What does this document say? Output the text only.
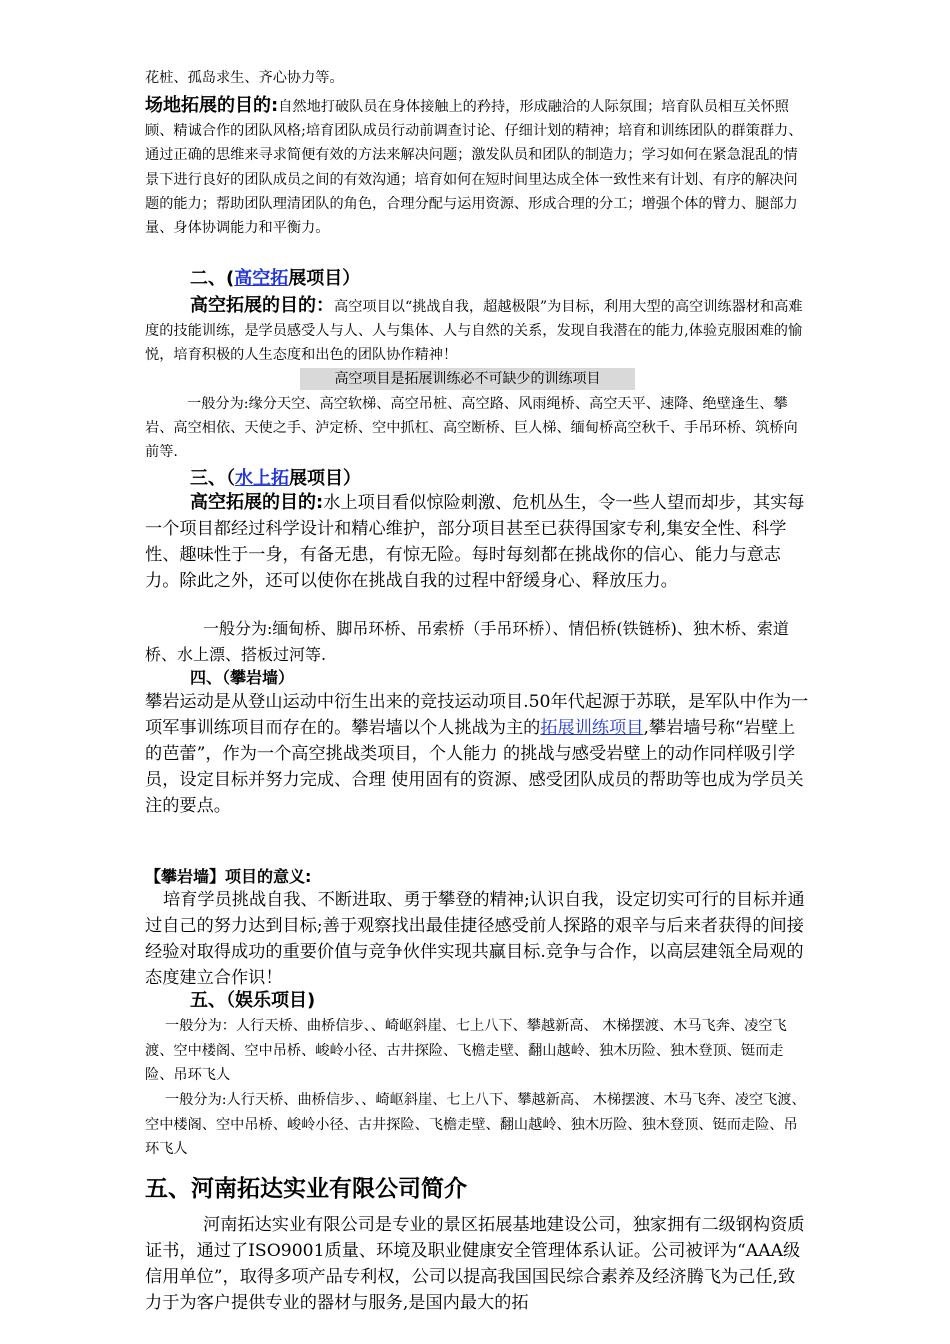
花桩、孤岛求生、齐心协力等。

场地拓展的目的:自然地打破队员在身体接触上的矜持，形成融洽的人际氛围；培育队员相互关怀照顾、精诚合作的团队风格;培育团队成员行动前调查讨论、仔细计划的精神；培育和训练团队的群策群力、通过正确的思维来寻求简便有效的方法来解决问题；激发队员和团队的制造力；学习如何在紧急混乱的情景下进行良好的团队成员之间的有效沟通；培育如何在短时间里达成全体一致性来有计划、有序的解决问题的能力；帮助团队理清团队的角色，合理分配与运用资源、形成合理的分工；增强个体的臂力、腿部力量、身体协调能力和平衡力。

二、(高空拓展项目）

高空拓展的目的：高空项目以“挑战自我，超越极限”为目标，利用大型的高空训练器材和高难度的技能训练，是学员感受人与人、人与集体、人与自然的关系，发现自我潜在的能力,体验克服困难的愉悦，培育积极的人生态度和出色的团队协作精神！

高空项目是拓展训练必不可缺少的训练项目

一般分为:缘分天空、高空软梯、高空吊桩、高空路、风雨绳桥、高空天平、速降、绝壁逢生、攀岩、高空相依、天使之手、泸定桥、空中抓杠、高空断桥、巨人梯、缅甸桥高空秋千、手吊环桥、筑桥向前等.

三、（水上拓展项目）

高空拓展的目的:水上项目看似惊险刺激、危机丛生，令一些人望而却步，其实每一个项目都经过科学设计和精心维护，部分项目甚至已获得国家专利,集安全性、科学性、趣味性于一身，有备无患，有惊无险。每时每刻都在挑战你的信心、能力与意志力。除此之外，还可以使你在挑战自我的过程中舒缓身心、释放压力。

一般分为:缅甸桥、脚吊环桥、吊索桥（手吊环桥）、情侣桥(铁链桥)、独木桥、索道桥、水上漂、搭板过河等.

四、（攀岩墙）

攀岩运动是从登山运动中衍生出来的竞技运动项目.50年代起源于苏联，是军队中作为一项军事训练项目而存在的。攀岩墙以个人挑战为主的拓展训练项目,攀岩墙号称“岩壁上的芭蕾”，作为一个高空挑战类项目，个人能力 的挑战与感受岩壁上的动作同样吸引学员，设定目标并努力完成、合理 使用固有的资源、感受团队成员的帮助等也成为学员关注的要点。

【攀岩墙】项目的意义:

培育学员挑战自我、不断进取、勇于攀登的精神;认识自我，设定切实可行的目标并通过自己的努力达到目标;善于观察找出最佳捷径感受前人探路的艰辛与后来者获得的间接经验对取得成功的重要价值与竞争伙伴实现共赢目标.竞争与合作，以高层建瓴全局观的态度建立合作识！

五、（娱乐项目)

一般分为：人行天桥、曲桥信步、、崎岖斜崖、七上八下、攀越新高、 木梯摆渡、木马飞奔、凌空飞渡、空中楼阁、空中吊桥、峻岭小径、古井探险、飞檐走壁、翻山越岭、独木历险、独木登顶、铤而走险、吊环飞人

一般分为:人行天桥、曲桥信步、、崎岖斜崖、七上八下、攀越新高、 木梯摆渡、木马飞奔、凌空飞渡、空中楼阁、空中吊桥、峻岭小径、古井探险、飞檐走壁、翻山越岭、独木历险、独木登顶、铤而走险、吊环飞人

五、河南拓达实业有限公司简介

河南拓达实业有限公司是专业的景区拓展基地建设公司，独家拥有二级钢构资质证书，通过了ISO9001质量、环境及职业健康安全管理体系认证。公司被评为“AAA级信用单位”，取得多项产品专利权，公司以提高我国国民综合素养及经济腾飞为己任,致力于为客户提供专业的器材与服务,是国内最大的拓
